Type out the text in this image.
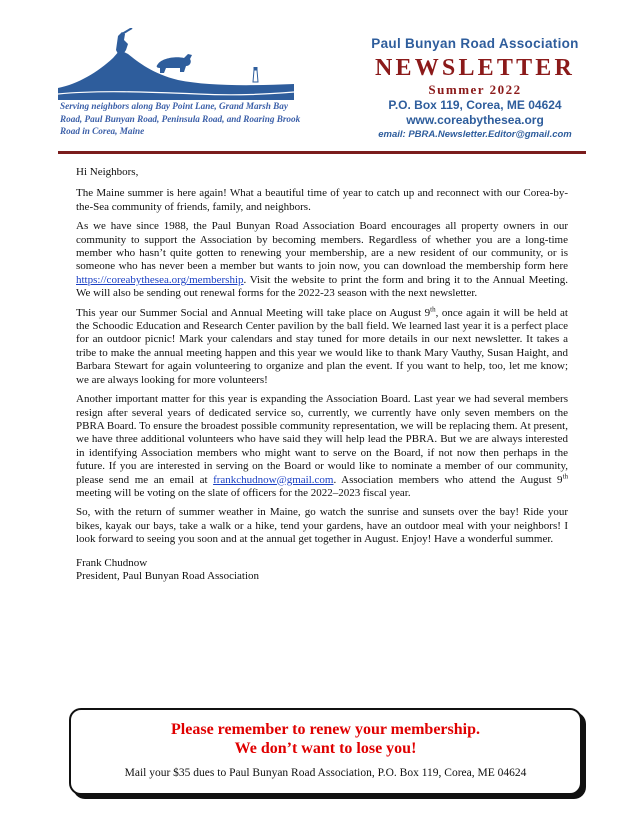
Serving neighbors along Bay Point Lane, Grand Marsh Bay Road, Paul Bunyan Road, Peninsula Road, and Roaring Brook Road in Corea, Maine
Paul Bunyan Road Association
NEWSLETTER
Summer 2022
P.O. Box 119, Corea, ME 04624
www.coreabythesea.org
email: PBRA.Newsletter.Editor@gmail.com

Hi Neighbors,

The Maine summer is here again! What a beautiful time of year to catch up and reconnect with our Corea-by-the-Sea community of friends, family, and neighbors.

As we have since 1988, the Paul Bunyan Road Association Board encourages all property owners in our community to support the Association by becoming members. Regardless of whether you are a long-time member who hasn’t quite gotten to renewing your membership, are a new resident of our community, or is someone who has never been a member but wants to join now, you can download the membership form here https://coreabythesea.org/membership. Visit the website to print the form and bring it to the Annual Meeting. We will also be sending out renewal forms for the 2022-23 season with the next newsletter.

This year our Summer Social and Annual Meeting will take place on August 9th, once again it will be held at the Schoodic Education and Research Center pavilion by the ball field. We learned last year it is a perfect place for an outdoor picnic! Mark your calendars and stay tuned for more details in our next newsletter. It takes a tribe to make the annual meeting happen and this year we would like to thank Mary Vauthy, Susan Haight, and Barbara Stewart for again volunteering to organize and plan the event. If you want to help, too, let me know; we are always looking for more volunteers!

Another important matter for this year is expanding the Association Board. Last year we had several members resign after several years of dedicated service so, currently, we currently have only seven members on the PBRA Board. To ensure the broadest possible community representation, we will be replacing them. At present, we have three additional volunteers who have said they will help lead the PBRA. But we are always interested in identifying Association members who might want to serve on the Board, if not now then perhaps in the future. If you are interested in serving on the Board or would like to nominate a member of our community, please send me an email at frankchudnow@gmail.com. Association members who attend the August 9th meeting will be voting on the slate of officers for the 2022–2023 fiscal year.

So, with the return of summer weather in Maine, go watch the sunrise and sunsets over the bay! Ride your bikes, kayak our bays, take a walk or a hike, tend your gardens, have an outdoor meal with your neighbors! I look forward to seeing you soon and at the annual get together in August. Enjoy! Have a wonderful summer.

Frank Chudnow
President, Paul Bunyan Road Association
Please remember to renew your membership.
We don’t want to lose you!
Mail your $35 dues to Paul Bunyan Road Association, P.O. Box 119, Corea, ME 04624
